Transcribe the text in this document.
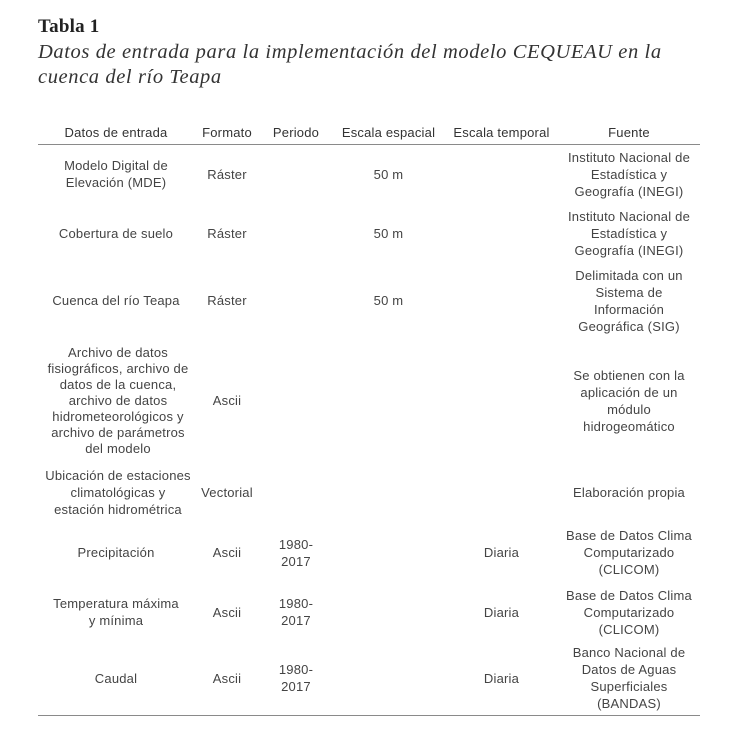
Tabla 1
Datos de entrada para la implementación del modelo CEQUEAU en la cuenca del río Teapa
Datos de entrada	Formato	Periodo	Escala espacial	Escala temporal	Fuente
Modelo Digital de Elevación (MDE)	Ráster		50 m		Instituto Nacional de Estadística y Geografía (INEGI)
Cobertura de suelo	Ráster		50 m		Instituto Nacional de Estadística y Geografía (INEGI)
Cuenca del río Teapa	Ráster		50 m		Delimitada con un Sistema de Información Geográfica (SIG)
Archivo de datos fisiográficos, archivo de datos de la cuenca, archivo de datos hidrometeorológicos y archivo de parámetros del modelo	Ascii				Se obtienen con la aplicación de un módulo hidrogeomático
Ubicación de estaciones climatológicas y estación hidrométrica	Vectorial				Elaboración propia
Precipitación	Ascii	1980-2017		Diaria	Base de Datos Clima Computarizado (CLICOM)
Temperatura máxima y mínima	Ascii	1980-2017		Diaria	Base de Datos Clima Computarizado (CLICOM)
Caudal	Ascii	1980-2017		Diaria	Banco Nacional de Datos de Aguas Superficiales (BANDAS)
